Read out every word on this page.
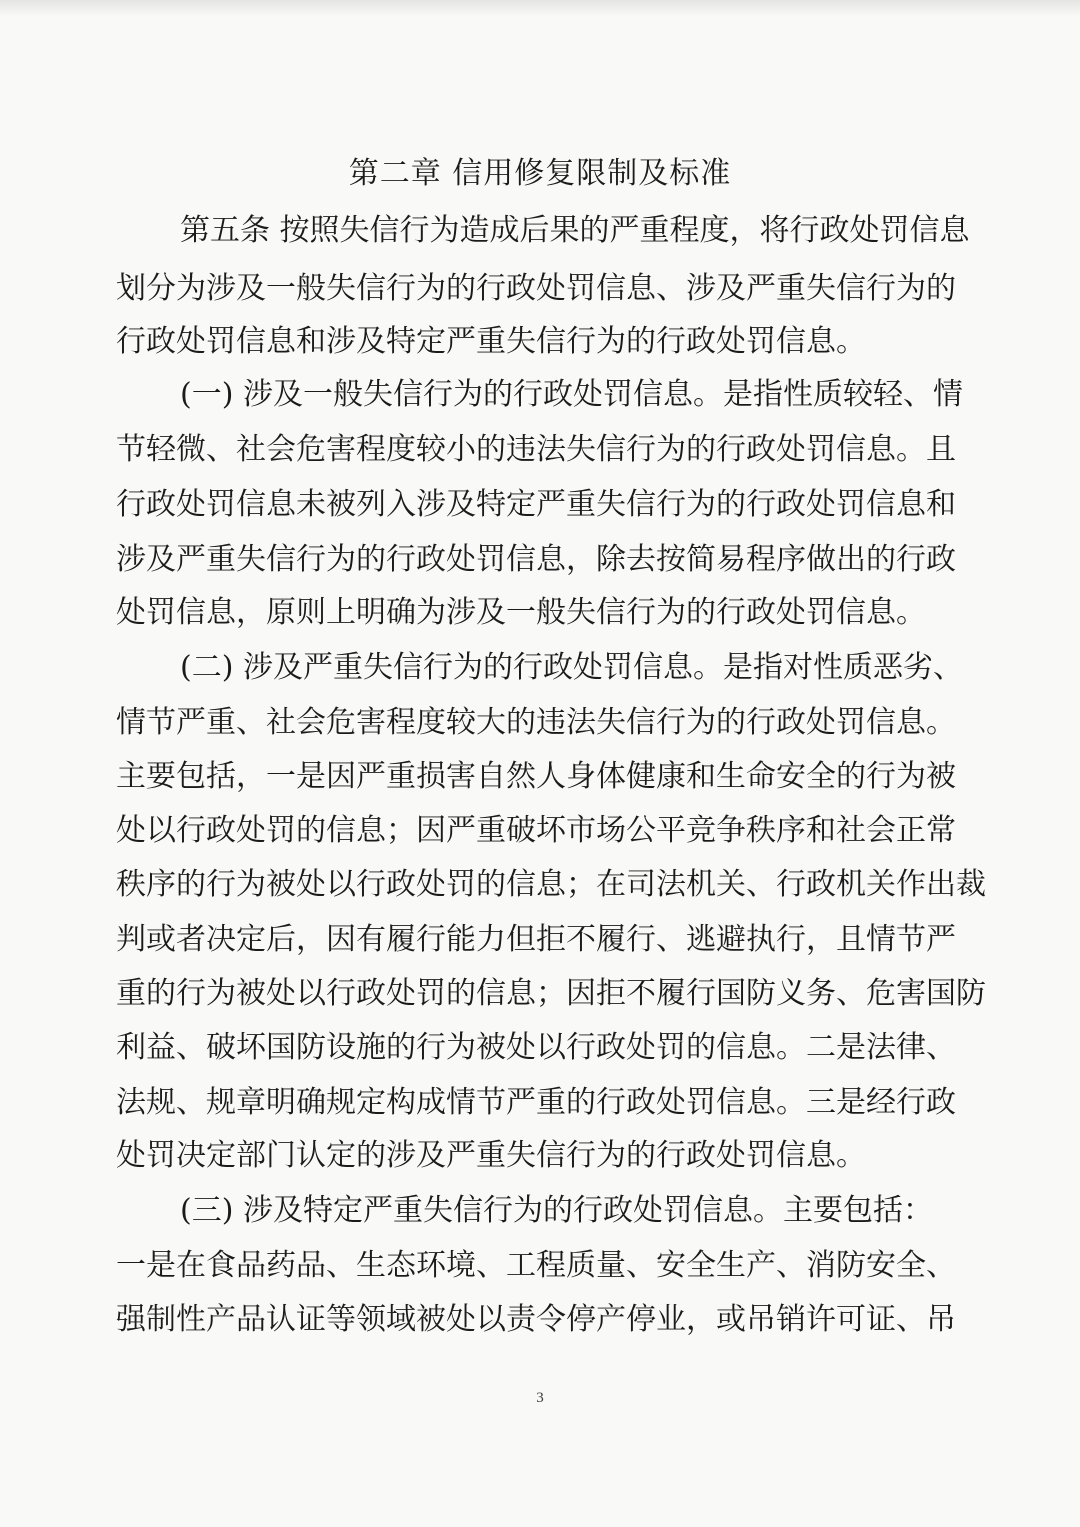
第二章 信用修复限制及标准
第五条 按照失信行为造成后果的严重程度，将行政处罚信息
划分为涉及一般失信行为的行政处罚信息、涉及严重失信行为的
行政处罚信息和涉及特定严重失信行为的行政处罚信息。
(一) 涉及一般失信行为的行政处罚信息。是指性质较轻、情
节轻微、社会危害程度较小的违法失信行为的行政处罚信息。且
行政处罚信息未被列入涉及特定严重失信行为的行政处罚信息和
涉及严重失信行为的行政处罚信息，除去按简易程序做出的行政
处罚信息，原则上明确为涉及一般失信行为的行政处罚信息。
(二) 涉及严重失信行为的行政处罚信息。是指对性质恶劣、
情节严重、社会危害程度较大的违法失信行为的行政处罚信息。
主要包括，一是因严重损害自然人身体健康和生命安全的行为被
处以行政处罚的信息；因严重破坏市场公平竞争秩序和社会正常
秩序的行为被处以行政处罚的信息；在司法机关、行政机关作出裁
判或者决定后，因有履行能力但拒不履行、逃避执行，且情节严
重的行为被处以行政处罚的信息；因拒不履行国防义务、危害国防
利益、破坏国防设施的行为被处以行政处罚的信息。二是法律、
法规、规章明确规定构成情节严重的行政处罚信息。三是经行政
处罚决定部门认定的涉及严重失信行为的行政处罚信息。
(三) 涉及特定严重失信行为的行政处罚信息。主要包括：
一是在食品药品、生态环境、工程质量、安全生产、消防安全、
强制性产品认证等领域被处以责令停产停业，或吊销许可证、吊
3
